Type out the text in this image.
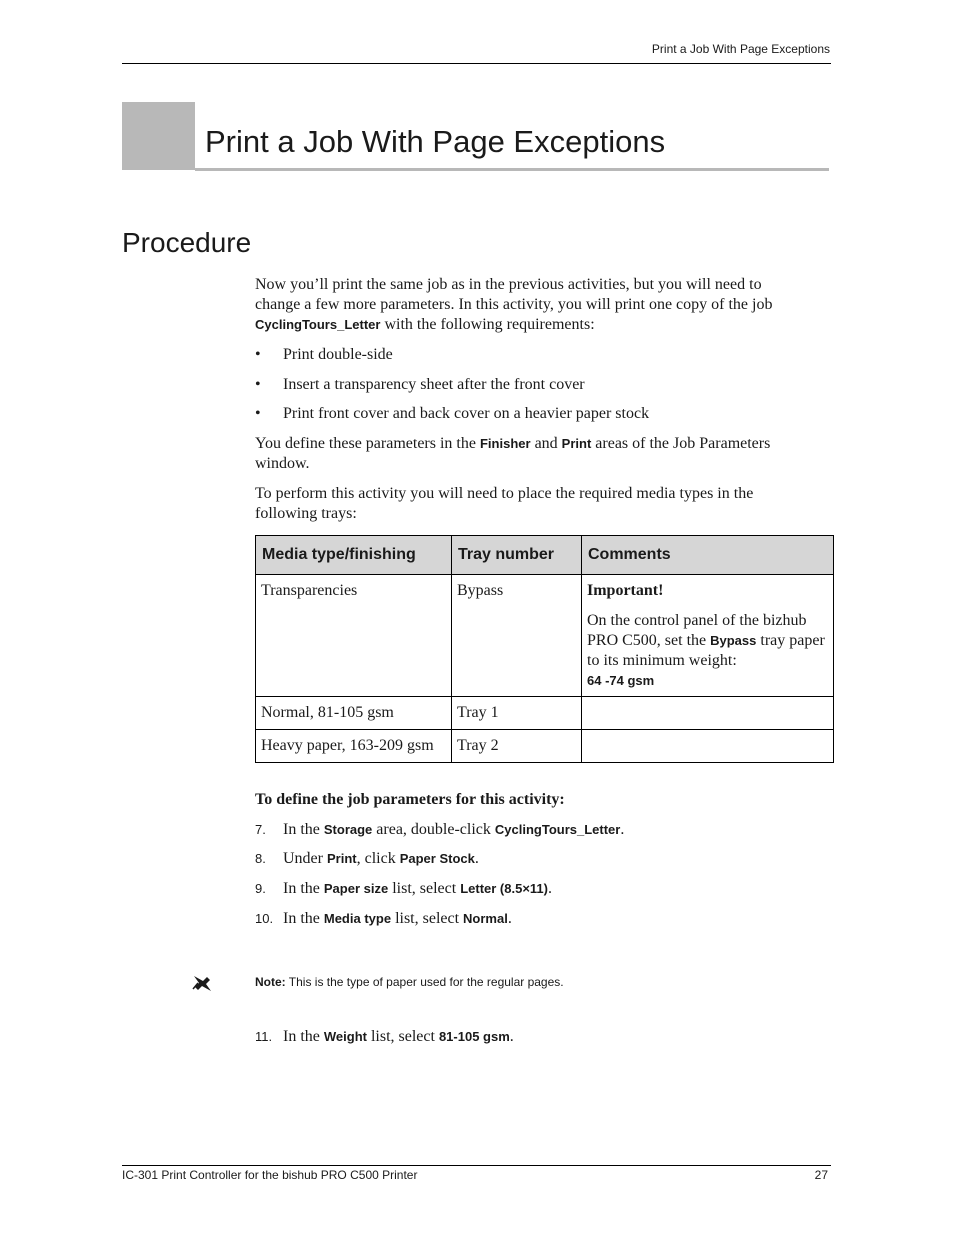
Print a Job With Page Exceptions
Print a Job With Page Exceptions
Procedure

Now you’ll print the same job as in the previous activities, but you will need to
change a few more parameters. In this activity, you will print one copy of the job
CyclingTours_Letter with the following requirements:

• Print double-side
• Insert a transparency sheet after the front cover
• Print front cover and back cover on a heavier paper stock

You define these parameters in the Finisher and Print areas of the Job Parameters
window.

To perform this activity you will need to place the required media types in the
following trays:

Media type/finishing	Tray number	Comments
Transparencies	Bypass	Important!
On the control panel of the bizhub PRO C500, set the Bypass tray paper to its minimum weight:
64 -74 gsm

Normal, 81-105 gsm	Tray 1	
Heavy paper, 163-209 gsm	Tray 2	
To define the job parameters for this activity:
7. In the Storage area, double-click CyclingTours_Letter.
8. Under Print, click Paper Stock.
9. In the Paper size list, select Letter (8.5×11).
10. In the Media type list, select Normal.
Note: This is the type of paper used for the regular pages.
11. In the Weight list, select 81-105 gsm.
IC-301 Print Controller for the bishub PRO C500 Printer	27
